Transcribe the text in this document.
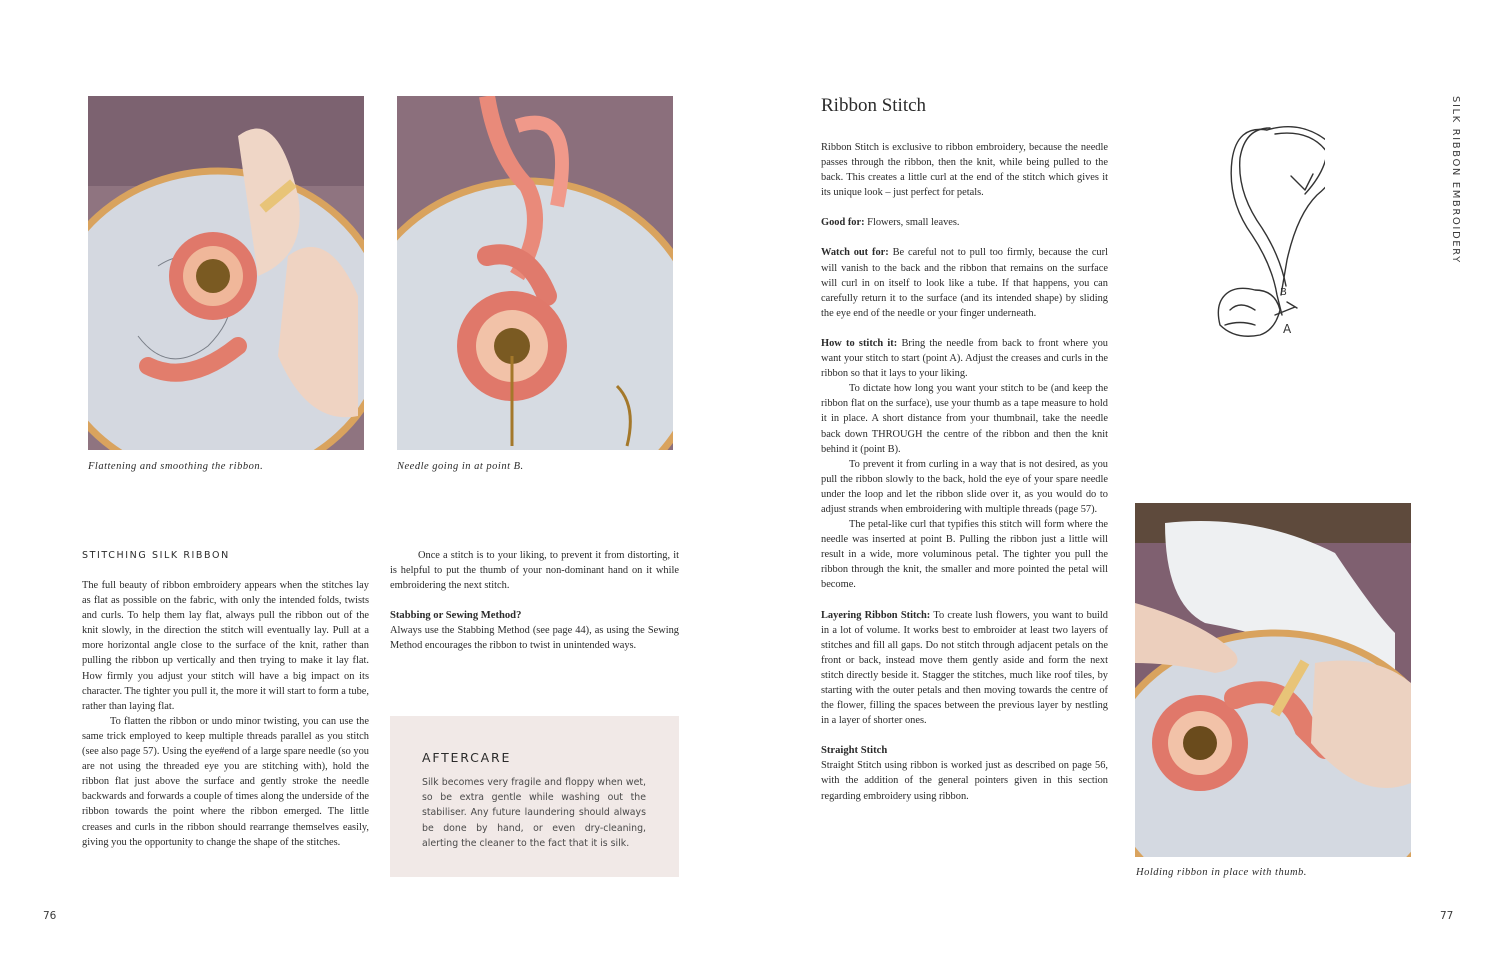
Flattening and smoothing the ribbon.	Needle going in at point B.
STITCHING SILK RIBBON

The full beauty of ribbon embroidery appears when the stitches lay as flat as possible on the fabric, with only the intended folds, twists and curls. To help them lay flat, always pull the ribbon out of the knit slowly, in the direction the stitch will eventually lay. Pull at a more horizontal angle close to the surface of the knit, rather than pulling the ribbon up vertically and then trying to make it lay flat. How firmly you adjust your stitch will have a big impact on its character. The tighter you pull it, the more it will start to form a tube, rather than laying flat.

To flatten the ribbon or undo minor twisting, you can use the same trick employed to keep multiple threads parallel as you stitch (see also page 57). Using the eye#end of a large spare needle (so you are not using the threaded eye you are stitching with), hold the ribbon flat just above the surface and gently stroke the needle backwards and forwards a couple of times along the underside of the ribbon towards the point where the ribbon emerged. The little creases and curls in the ribbon should rearrange themselves easily, giving you the opportunity to change the shape of the stitches.

Once a stitch is to your liking, to prevent it from distorting, it is helpful to put the thumb of your non-dominant hand on it while embroidering the next stitch.

Stabbing or Sewing Method?

Always use the Stabbing Method (see page 44), as using the Sewing Method encourages the ribbon to twist in unintended ways.

AFTERCARE
Silk becomes very fragile and floppy when wet, so be extra gentle while washing out the stabiliser. Any future laundering should always be done by hand, or even dry-cleaning, alerting the cleaner to the fact that it is silk.
76
Ribbon Stitch	SILK RIBBON EMBROIDERY

Ribbon Stitch is exclusive to ribbon embroidery, because the needle passes through the ribbon, then the knit, while being pulled to the back. This creates a little curl at the end of the stitch which gives it its unique look – just perfect for petals.

Good for: Flowers, small leaves.

Watch out for: Be careful not to pull too firmly, because the curl will vanish to the back and the ribbon that remains on the surface will curl in on itself to look like a tube. If that happens, you can carefully return it to the surface (and its intended shape) by sliding the eye end of the needle or your finger underneath.

How to stitch it: Bring the needle from back to front where you want your stitch to start (point A). Adjust the creases and curls in the ribbon so that it lays to your liking.

To dictate how long you want your stitch to be (and keep the ribbon flat on the surface), use your thumb as a tape measure to hold it in place. A short distance from your thumbnail, take the needle back down THROUGH the centre of the ribbon and then the knit behind it (point B).

To prevent it from curling in a way that is not desired, as you pull the ribbon slowly to the back, hold the eye of your spare needle under the loop and let the ribbon slide over it, as you would do to adjust strands when embroidering with multiple threads (page 57).

The petal-like curl that typifies this stitch will form where the needle was inserted at point B. Pulling the ribbon just a little will result in a wide, more voluminous petal. The tighter you pull the ribbon through the knit, the smaller and more pointed the petal will become.

Layering Ribbon Stitch: To create lush flowers, you want to build in a lot of volume. It works best to embroider at least two layers of stitches and fill all gaps. Do not stitch through adjacent petals on the front or back, instead move them gently aside and form the next stitch directly beside it. Stagger the stitches, much like roof tiles, by starting with the outer petals and then moving towards the centre of the flower, filling the spaces between the previous layer by nestling in a layer of shorter ones.

Straight Stitch

Straight Stitch using ribbon is worked just as described on page 56, with the addition of the general pointers given in this section regarding embroidery using ribbon.

B
A
Holding ribbon in place with thumb.
77
